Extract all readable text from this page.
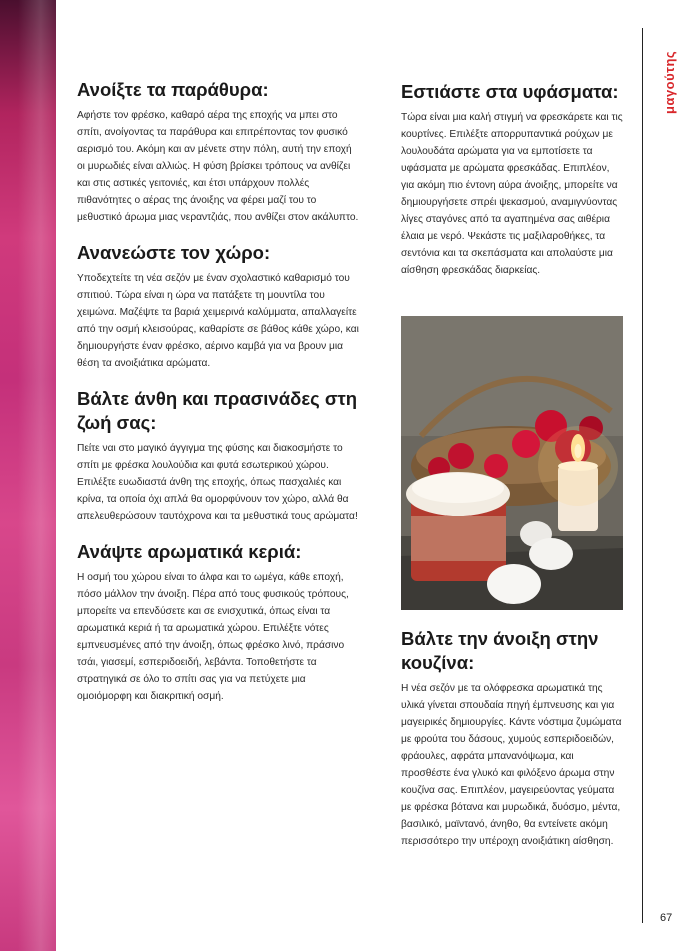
μαγούτης
Ανοίξτε τα παράθυρα:

Αφήστε τον φρέσκο, καθαρό αέρα της εποχής να μπει στο σπίτι, ανοίγοντας τα παράθυρα και επιτρέποντας τον φυσικό αερισμό του. Ακόμη και αν μένετε στην πόλη, αυτή την εποχή οι μυρωδιές είναι αλλιώς. Η φύση βρίσκει τρόπους να ανθίζει και στις αστικές γειτονιές, και έτσι υπάρχουν πολλές πιθανότητες ο αέρας της άνοιξης να φέρει μαζί του το μεθυστικό άρωμα μιας νεραντζιάς, που ανθίζει στον ακάλυπτο.

Ανανεώστε τον χώρο:

Υποδεχτείτε τη νέα σεζόν με έναν σχολαστικό καθαρισμό του σπιτιού. Τώρα είναι η ώρα να πατάξετε τη μουντίλα του χειμώνα. Μαζέψτε τα βαριά χειμερινά καλύμματα, απαλλαγείτε από την οσμή κλεισούρας, καθαρίστε σε βάθος κάθε χώρο, και δημιουργήστε έναν φρέσκο, αέρινο καμβά για να βρουν μια θέση τα ανοιξιάτικα αρώματα.

Βάλτε άνθη και πρασινάδες στη ζωή σας:

Πείτε ναι στο μαγικό άγγιγμα της φύσης και διακοσμήστε το σπίτι με φρέσκα λουλούδια και φυτά εσωτερικού χώρου. Επιλέξτε ευωδιαστά άνθη της εποχής, όπως πασχαλιές και κρίνα, τα οποία όχι απλά θα ομορφύνουν τον χώρο, αλλά θα απελευθερώσουν ταυτόχρονα και τα μεθυστικά τους αρώματα!

Ανάψτε αρωματικά κεριά:

Η οσμή του χώρου είναι το άλφα και το ωμέγα, κάθε εποχή, πόσο μάλλον την άνοιξη. Πέρα από τους φυσικούς τρόπους, μπορείτε να επενδύσετε και σε ενισχυτικά, όπως είναι τα αρωματικά κεριά ή τα αρωματικά χώρου. Επιλέξτε νότες εμπνευσμένες από την άνοιξη, όπως φρέσκο λινό, πράσινο τσάι, γιασεμί, εσπεριδοειδή, λεβάντα. Τοποθετήστε τα στρατηγικά σε όλο το σπίτι σας για να πετύχετε μια ομοιόμορφη και διακριτική οσμή.

Εστιάστε στα υφάσματα:

Τώρα είναι μια καλή στιγμή να φρεσκάρετε και τις κουρτίνες. Επιλέξτε απορρυπαντικά ρούχων με λουλουδάτα αρώματα για να εμποτίσετε τα υφάσματα με αρώματα φρεσκάδας. Επιπλέον, για ακόμη πιο έντονη αύρα άνοιξης, μπορείτε να δημιουργήσετε σπρέι ψεκασμού, αναμιγνύοντας λίγες σταγόνες από τα αγαπημένα σας αιθέρια έλαια με νερό. Ψεκάστε τις μαξιλαροθήκες, τα σεντόνια και τα σκεπάσματα και απολαύστε μια αίσθηση φρεσκάδας διαρκείας.

Βάλτε την άνοιξη στην κουζίνα:

Η νέα σεζόν με τα ολόφρεσκα αρωματικά της υλικά γίνεται σπουδαία πηγή έμπνευσης και για μαγειρικές δημιουργίες. Κάντε νόστιμα ζυμώματα με φρούτα του δάσους, χυμούς εσπεριδοειδών, φράουλες, αφράτα μπανανόψωμα, και προσθέστε ένα γλυκό και φιλόξενο άρωμα στην κουζίνα σας. Επιπλέον, μαγειρεύοντας γεύματα με φρέσκα βότανα και μυρωδικά, δυόσμο, μέντα, βασιλικό, μαϊντανό, άνηθο, θα εντείνετε ακόμη περισσότερο την υπέροχη ανοιξιάτικη αίσθηση.

67
